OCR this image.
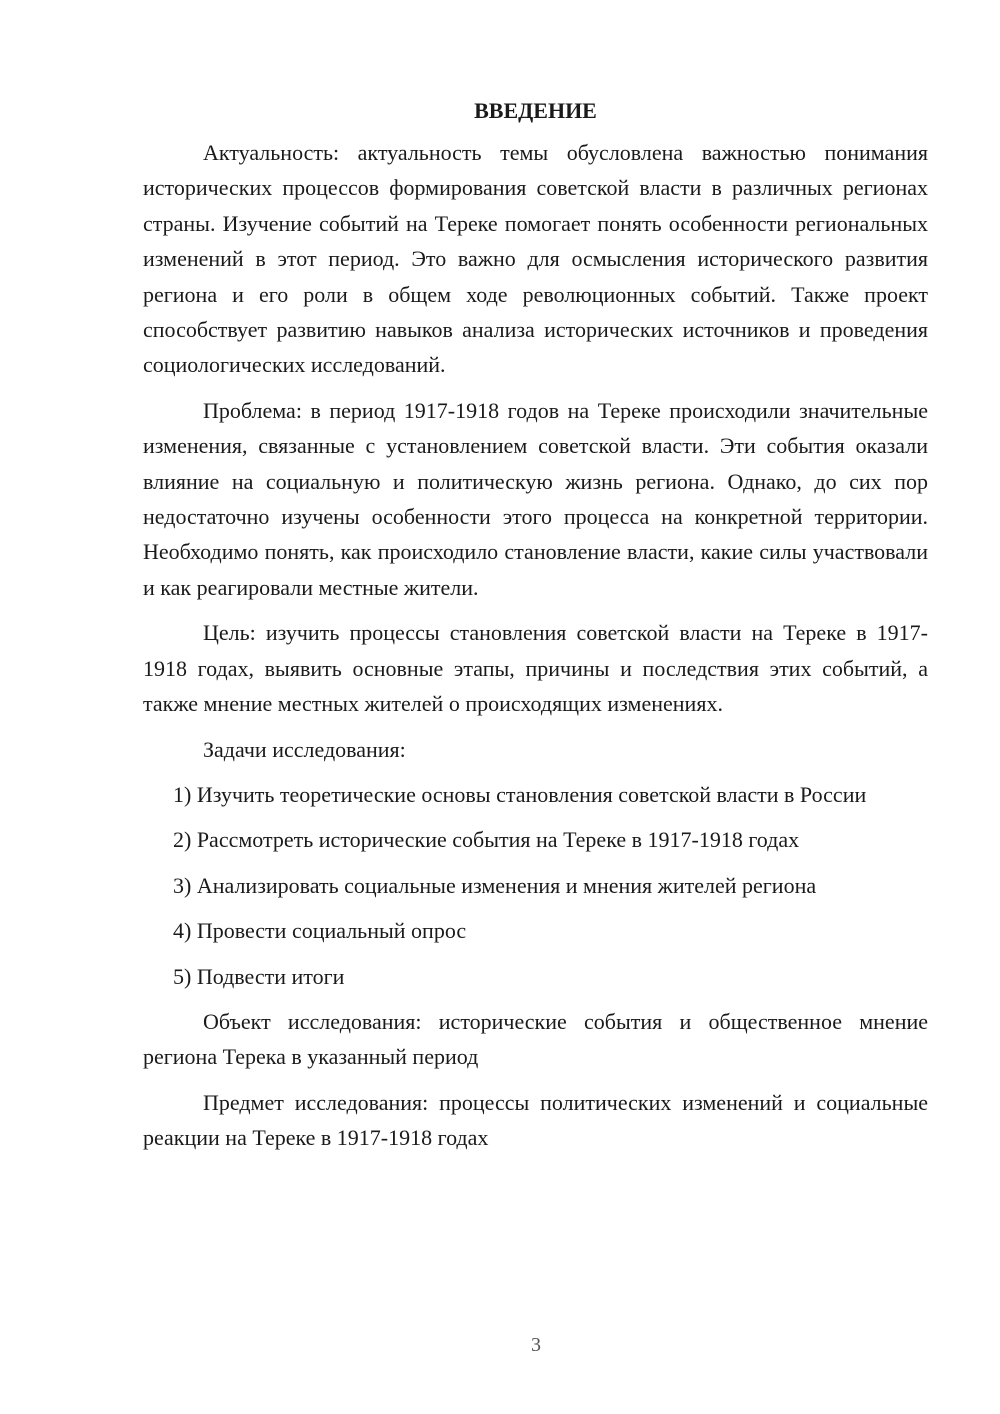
ВВЕДЕНИЕ

Актуальность: актуальность темы обусловлена важностью понимания исторических процессов формирования советской власти в различных регионах страны. Изучение событий на Тереке помогает понять особенности региональных изменений в этот период. Это важно для осмысления исторического развития региона и его роли в общем ходе революционных событий. Также проект способствует развитию навыков анализа исторических источников и проведения социологических исследований.

Проблема: в период 1917-1918 годов на Тереке происходили значительные изменения, связанные с установлением советской власти. Эти события оказали влияние на социальную и политическую жизнь региона. Однако, до сих пор недостаточно изучены особенности этого процесса на конкретной территории. Необходимо понять, как происходило становление власти, какие силы участвовали и как реагировали местные жители.

Цель: изучить процессы становления советской власти на Тереке в 1917-1918 годах, выявить основные этапы, причины и последствия этих событий, а также мнение местных жителей о происходящих изменениях.

Задачи исследования:

1) Изучить теоретические основы становления советской власти в России

2) Рассмотреть исторические события на Тереке в 1917-1918 годах

3) Анализировать социальные изменения и мнения жителей региона

4) Провести социальный опрос

5) Подвести итоги

Объект исследования: исторические события и общественное мнение региона Терека в указанный период

Предмет исследования: процессы политических изменений и социальные реакции на Тереке в 1917-1918 годах

3
